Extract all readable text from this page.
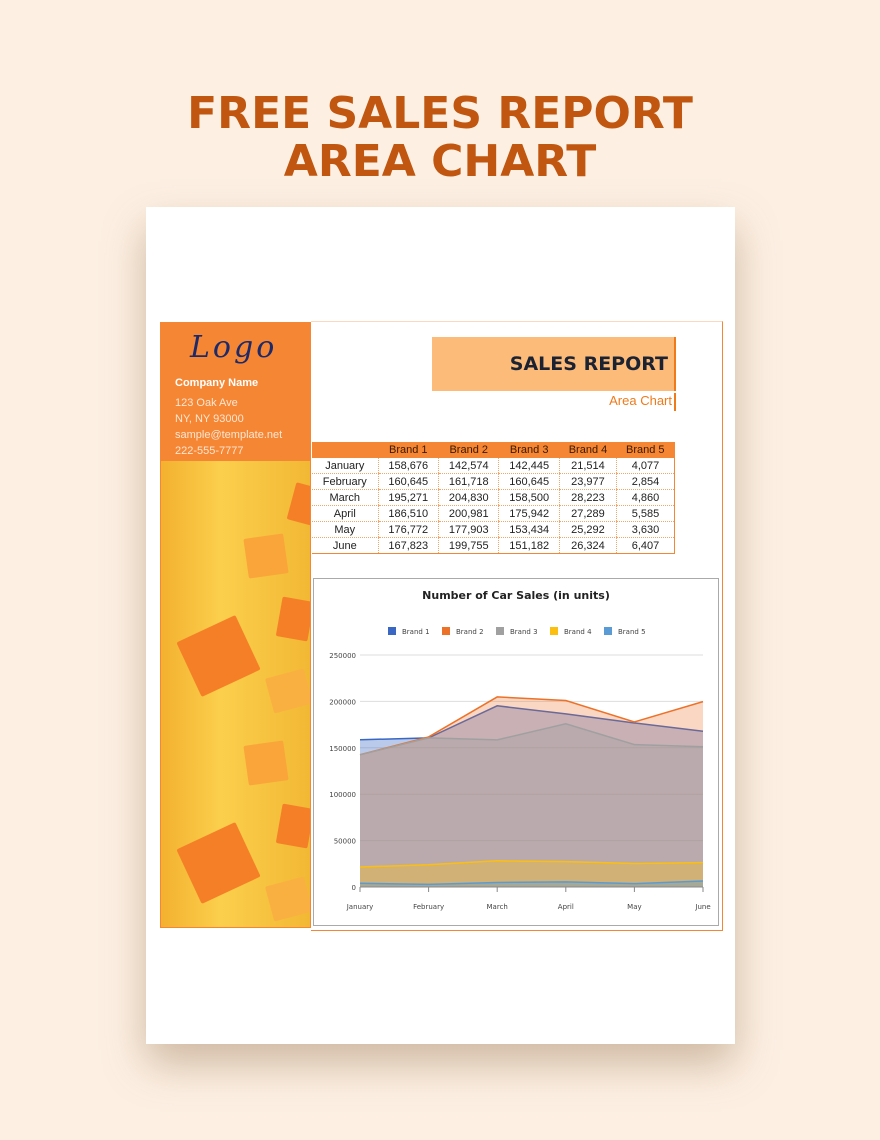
FREE SALES REPORT
AREA CHART
Logo
Company Name
123 Oak Ave
NY, NY 93000
sample@template.net
222-555-7777
SALES REPORT
Area Chart
	Brand 1	Brand 2	Brand 3	Brand 4	Brand 5
January	158,676	142,574	142,445	21,514	4,077
February	160,645	161,718	160,645	23,977	2,854
March	195,271	204,830	158,500	28,223	4,860
April	186,510	200,981	175,942	27,289	5,585
May	176,772	177,903	153,434	25,292	3,630
June	167,823	199,755	151,182	26,324	6,407
Number of Car Sales (in units)
Brand 1	Brand 2	Brand 3	Brand 4	Brand 5
0
50000
100000
150000
200000
250000
January	February	March	April	May	June
